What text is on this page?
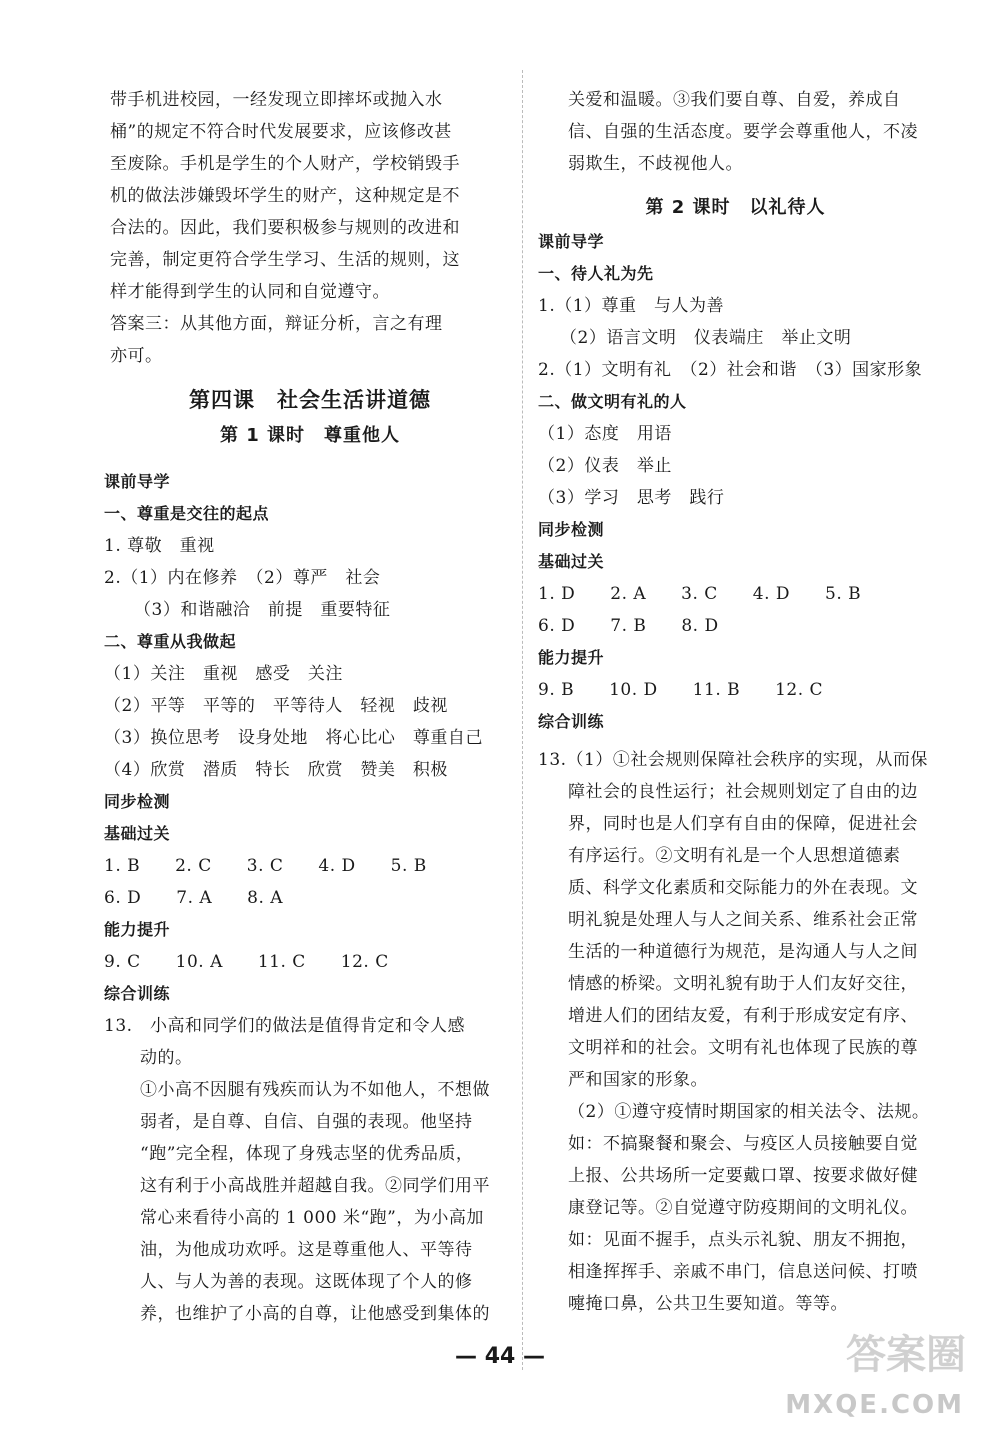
带手机进校园，一经发现立即摔坏或抛入水
桶”的规定不符合时代发展要求，应该修改甚
至废除。手机是学生的个人财产，学校销毁手
机的做法涉嫌毁坏学生的财产，这种规定是不
合法的。因此，我们要积极参与规则的改进和
完善，制定更符合学生学习、生活的规则，这
样才能得到学生的认同和自觉遵守。
答案三：从其他方面，辩证分析，言之有理
亦可。
第四课　社会生活讲道德
第 1 课时　尊重他人
课前导学
一、尊重是交往的起点
1. 尊敬　重视
2.（1）内在修养　（2）尊严　社会
（3）和谐融洽　前提　重要特征
二、尊重从我做起
（1）关注　重视　感受　关注
（2）平等　平等的　平等待人　轻视　歧视
（3）换位思考　设身处地　将心比心　尊重自己
（4）欣赏　潜质　特长　欣赏　赞美　积极
同步检测
基础过关
1. B　　2. C　　3. C　　4. D　　5. B
6. D　　7. A　　8. A
能力提升
9. C　　10. A　　11. C　　12. C
综合训练
13.　小高和同学们的做法是值得肯定和令人感
动的。
①小高不因腿有残疾而认为不如他人，不想做
弱者，是自尊、自信、自强的表现。他坚持
“跑”完全程，体现了身残志坚的优秀品质，
这有利于小高战胜并超越自我。②同学们用平
常心来看待小高的 1 000 米“跑”，为小高加
油，为他成功欢呼。这是尊重他人、平等待
人、与人为善的表现。这既体现了个人的修
养，也维护了小高的自尊，让他感受到集体的
关爱和温暖。③我们要自尊、自爱，养成自
信、自强的生活态度。要学会尊重他人，不凌
弱欺生，不歧视他人。
第 2 课时　以礼待人
课前导学
一、待人礼为先
1.（1）尊重　与人为善
（2）语言文明　仪表端庄　举止文明
2.（1）文明有礼　（2）社会和谐　（3）国家形象
二、做文明有礼的人
（1）态度　用语
（2）仪表　举止
（3）学习　思考　践行
同步检测
基础过关
1. D　　2. A　　3. C　　4. D　　5. B
6. D　　7. B　　8. D
能力提升
9. B　　10. D　　11. B　　12. C
综合训练
13.（1）①社会规则保障社会秩序的实现，从而保
障社会的良性运行；社会规则划定了自由的边
界，同时也是人们享有自由的保障，促进社会
有序运行。②文明有礼是一个人思想道德素
质、科学文化素质和交际能力的外在表现。文
明礼貌是处理人与人之间关系、维系社会正常
生活的一种道德行为规范，是沟通人与人之间
情感的桥梁。文明礼貌有助于人们友好交往，
增进人们的团结友爱，有利于形成安定有序、
文明祥和的社会。文明有礼也体现了民族的尊
严和国家的形象。
（2）①遵守疫情时期国家的相关法令、法规。
如：不搞聚餐和聚会、与疫区人员接触要自觉
上报、公共场所一定要戴口罩、按要求做好健
康登记等。②自觉遵守防疫期间的文明礼仪。
如：见面不握手，点头示礼貌、朋友不拥抱，
相逢挥挥手、亲戚不串门，信息送问候、打喷
嚏掩口鼻，公共卫生要知道。等等。
— 44 —	答案圈
MXQE.COM
